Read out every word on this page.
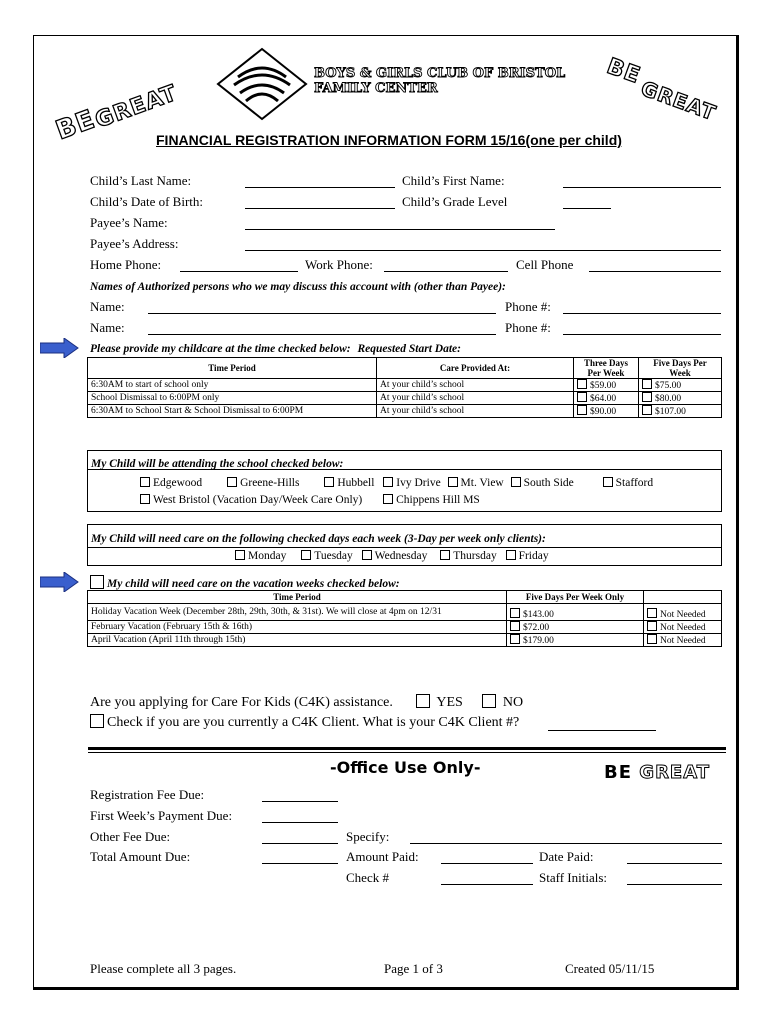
BE
GREAT
BOYS & GIRLS CLUB OF BRISTOL
FAMILY CENTER	BE
GREAT
FINANCIAL REGISTRATION INFORMATION FORM 15/16(one per child)
Child’s Last Name:	Child’s First Name:
Child’s Date of Birth:	Child’s Grade Level
Payee’s Name:
Payee’s Address:
Home Phone:	Work Phone:	Cell Phone
Names of Authorized persons who we may discuss this account with (other than Payee):
Name:	Phone #:
Name:	Phone #:
Please provide my childcare at the time checked below: Requested Start Date:
Time Period	Care Provided At:	Three Days Per Week	Five Days Per Week
6:30AM to start of school only	At your child’s school	$59.00	$75.00
School Dismissal to 6:00PM only	At your child’s school	$64.00	$80.00
6:30AM to School Start & School Dismissal to 6:00PM	At your child’s school	$90.00	$107.00
My Child will be attending the school checked below:
Edgewood	Greene-Hills	Hubbell Ivy Drive Mt. View South Side	Stafford
West Bristol (Vacation Day/Week Care Only)	Chippens Hill MS
My Child will need care on the following checked days each week (3-Day per week only clients):
Monday Tuesday Wednesday Thursday Friday
My child will need care on the vacation weeks checked below:
Time Period	Five Days Per Week Only	
Holiday Vacation Week (December 28th, 29th, 30th, & 31st). We will close at 4pm on 12/31	$143.00	Not Needed
February Vacation (February 15th & 16th)	$72.00	Not Needed
April Vacation (April 11th through 15th)	$179.00	Not Needed
Are you applying for Care For Kids (C4K) assistance.	YES	NO
Check if you are you currently a C4K Client. What is your C4K Client #?
-Office Use Only-	BE GREAT
Registration Fee Due:
First Week’s Payment Due:
Other Fee Due:	Specify:
Total Amount Due:	Amount Paid:	Date Paid:
Check #	Staff Initials:
Please complete all 3 pages.	Page 1 of 3	Created 05/11/15
